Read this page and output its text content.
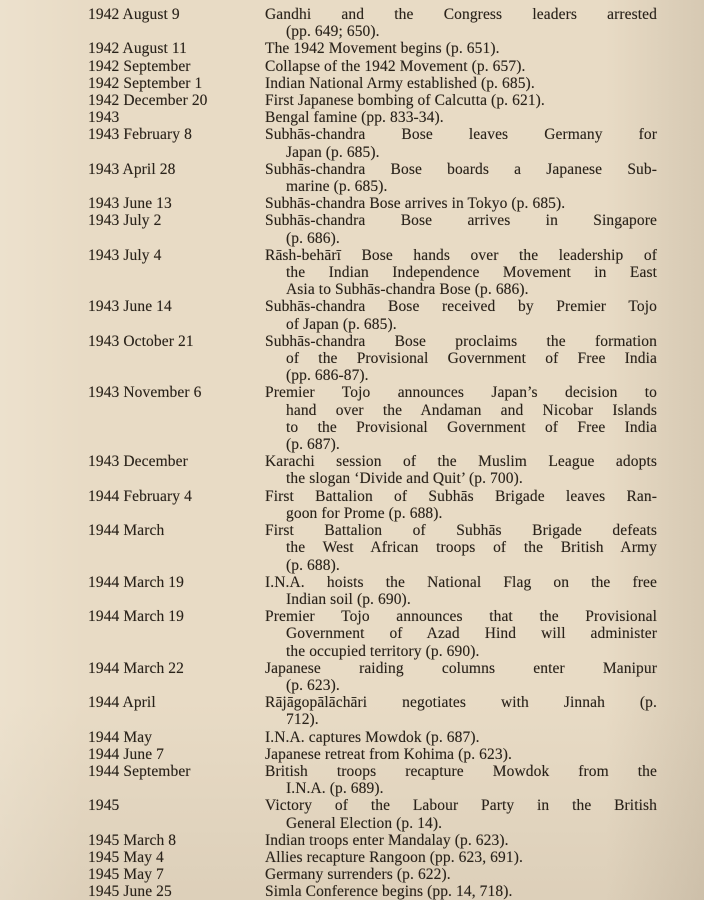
1942 August 9	Gandhi and the Congress leaders arrested
(pp. 649; 650).
1942 August 11	The 1942 Movement begins (p. 651).
1942 September	Collapse of the 1942 Movement (p. 657).
1942 September 1	Indian National Army established (p. 685).
1942 December 20	First Japanese bombing of Calcutta (p. 621).
1943	Bengal famine (pp. 833-34).
1943 February 8	Subhās-chandra Bose leaves Germany for
Japan (p. 685).
1943 April 28	Subhās-chandra Bose boards a Japanese Sub-
marine (p. 685).
1943 June 13	Subhās-chandra Bose arrives in Tokyo (p. 685).
1943 July 2	Subhās-chandra Bose arrives in Singapore
(p. 686).
1943 July 4	Rāsh-behārī Bose hands over the leadership of
the Indian Independence Movement in East
Asia to Subhās-chandra Bose (p. 686).
1943 June 14	Subhās-chandra Bose received by Premier Tojo
of Japan (p. 685).
1943 October 21	Subhās-chandra Bose proclaims the formation
of the Provisional Government of Free India
(pp. 686-87).
1943 November 6	Premier Tojo announces Japan’s decision to
hand over the Andaman and Nicobar Islands
to the Provisional Government of Free India
(p. 687).
1943 December	Karachi session of the Muslim League adopts
the slogan ‘Divide and Quit’ (p. 700).
1944 February 4	First Battalion of Subhās Brigade leaves Ran-
goon for Prome (p. 688).
1944 March	First Battalion of Subhās Brigade defeats
the West African troops of the British Army
(p. 688).
1944 March 19	I.N.A. hoists the National Flag on the free
Indian soil (p. 690).
1944 March 19	Premier Tojo announces that the Provisional
Government of Azad Hind will administer
the occupied territory (p. 690).
1944 March 22	Japanese raiding columns enter Manipur
(p. 623).
1944 April	Rājāgopālāchāri negotiates with Jinnah (p.
712).
1944 May	I.N.A. captures Mowdok (p. 687).
1944 June 7	Japanese retreat from Kohima (p. 623).
1944 September	British troops recapture Mowdok from the
I.N.A. (p. 689).
1945	Victory of the Labour Party in the British
General Election (p. 14).
1945 March 8	Indian troops enter Mandalay (p. 623).
1945 May 4	Allies recapture Rangoon (pp. 623, 691).
1945 May 7	Germany surrenders (p. 622).
1945 June 25	Simla Conference begins (pp. 14, 718).
